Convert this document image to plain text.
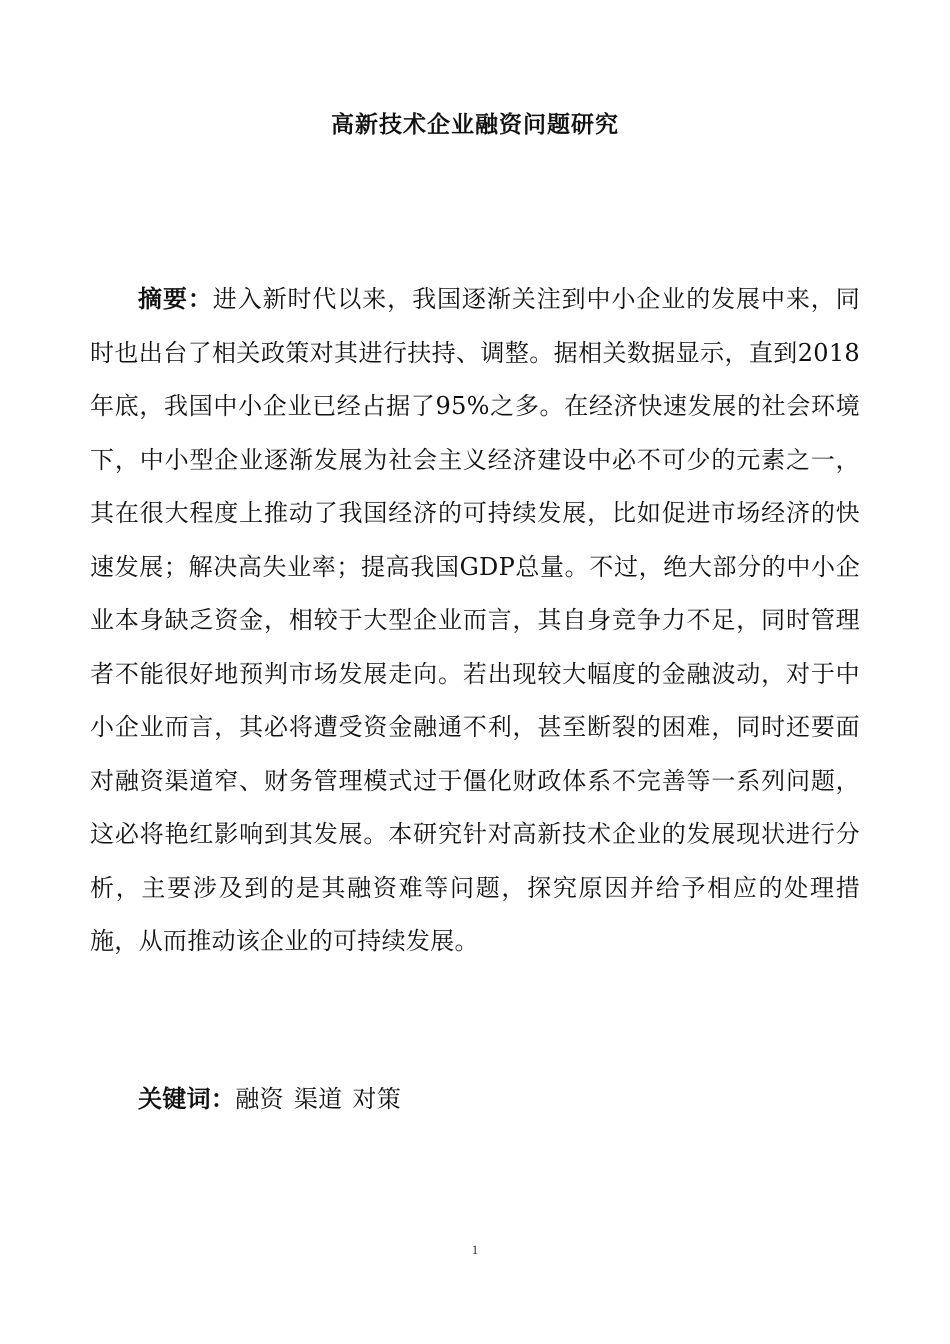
高新技术企业融资问题研究

摘要：进入新时代以来，我国逐渐关注到中小企业的发展中来，同时也出台了相关政策对其进行扶持、调整。据相关数据显示，直到2018年底，我国中小企业已经占据了95%之多。在经济快速发展的社会环境下，中小型企业逐渐发展为社会主义经济建设中必不可少的元素之一，其在很大程度上推动了我国经济的可持续发展，比如促进市场经济的快速发展；解决高失业率；提高我国GDP总量。不过，绝大部分的中小企业本身缺乏资金，相较于大型企业而言，其自身竞争力不足，同时管理者不能很好地预判市场发展走向。若出现较大幅度的金融波动，对于中小企业而言，其必将遭受资金融通不利，甚至断裂的困难，同时还要面对融资渠道窄、财务管理模式过于僵化财政体系不完善等一系列问题，这必将艳红影响到其发展。本研究针对高新技术企业的发展现状进行分析，主要涉及到的是其融资难等问题，探究原因并给予相应的处理措施，从而推动该企业的可持续发展。

关键词：融资 渠道 对策

1
